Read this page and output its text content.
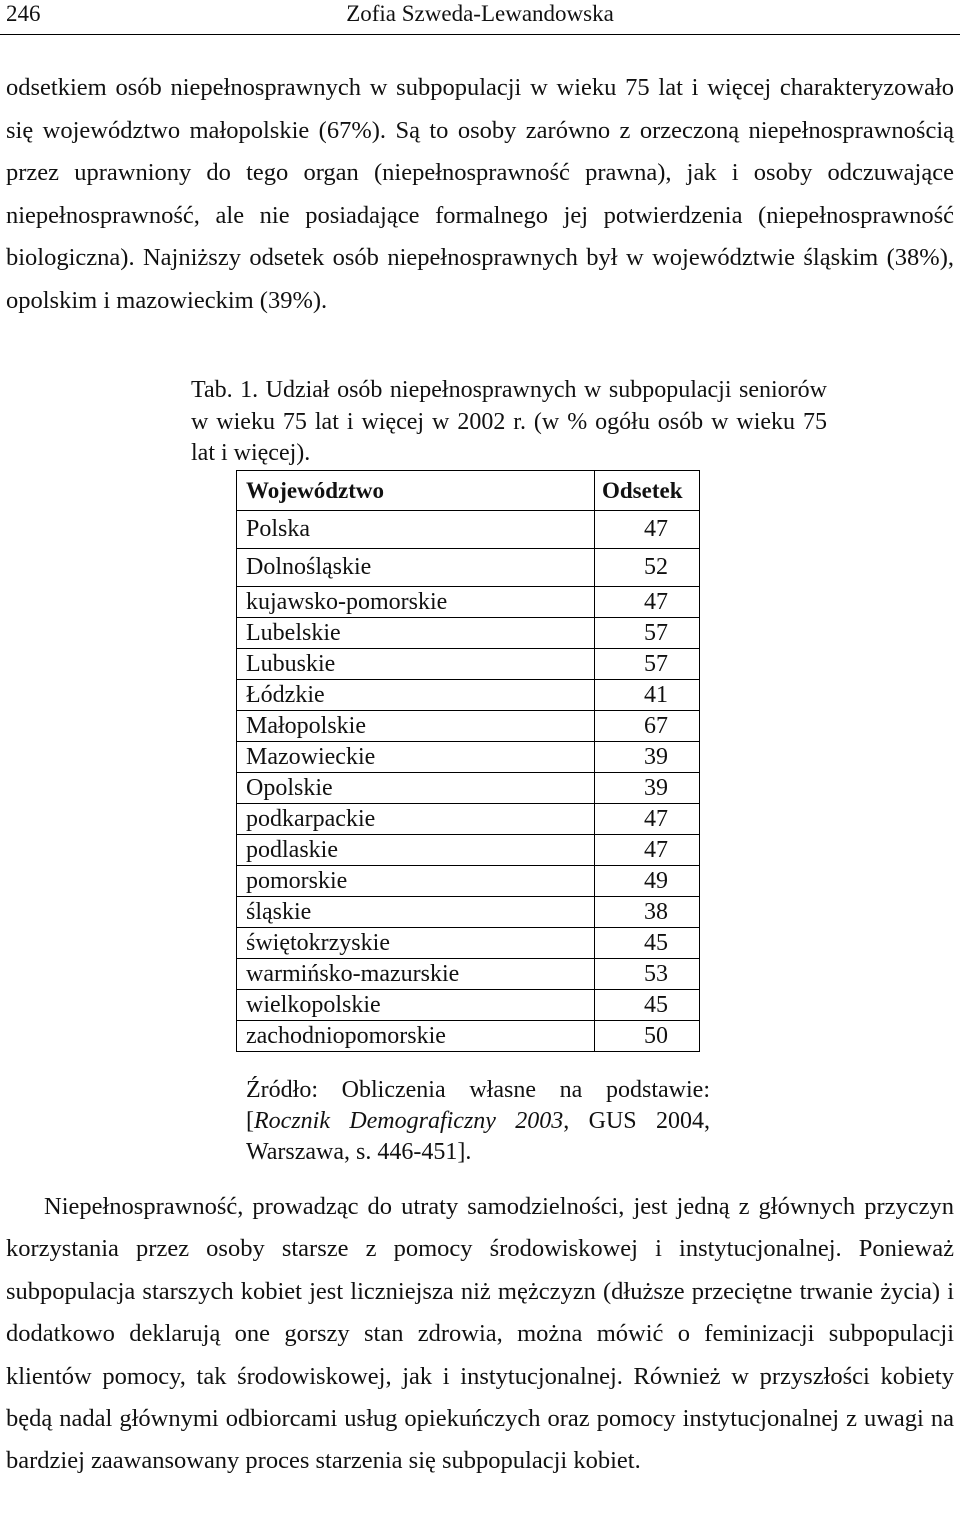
246	Zofia Szweda-Lewandowska

odsetkiem osób niepełnosprawnych w subpopulacji w wieku 75 lat i więcej charakteryzowało się województwo małopolskie (67%). Są to osoby zarówno z orzeczoną niepełnosprawnością przez uprawniony do tego organ (niepełnosprawność prawna), jak i osoby odczuwające niepełnosprawność, ale nie posiadające formalnego jej potwierdzenia (niepełnosprawność biologiczna). Najniższy odsetek osób niepełnosprawnych był w województwie śląskim (38%), opolskim i mazowieckim (39%).

Tab. 1. Udział osób niepełnosprawnych w subpopulacji seniorów w wieku 75 lat i więcej w 2002 r. (w % ogółu osób w wieku 75 lat i więcej).

Województwo	Odsetek
Polska	47
Dolnośląskie	52
kujawsko-pomorskie	47
Lubelskie	57
Lubuskie	57
Łódzkie	41
Małopolskie	67
Mazowieckie	39
Opolskie	39
podkarpackie	47
podlaskie	47
pomorskie	49
śląskie	38
świętokrzyskie	45
warmińsko-mazurskie	53
wielkopolskie	45
zachodniopomorskie	50

Źródło: Obliczenia własne na podstawie: [Rocznik Demograficzny 2003, GUS 2004, Warszawa, s. 446-451].

Niepełnosprawność, prowadząc do utraty samodzielności, jest jedną z głównych przyczyn korzystania przez osoby starsze z pomocy środowiskowej i instytucjonalnej. Ponieważ subpopulacja starszych kobiet jest liczniejsza niż mężczyzn (dłuższe przeciętne trwanie życia) i dodatkowo deklarują one gorszy stan zdrowia, można mówić o feminizacji subpopulacji klientów pomocy, tak środowiskowej, jak i instytucjonalnej. Również w przyszłości kobiety będą nadal głównymi odbiorcami usług opiekuńczych oraz pomocy instytucjonalnej z uwagi na bardziej zaawansowany proces starzenia się subpopulacji kobiet.
